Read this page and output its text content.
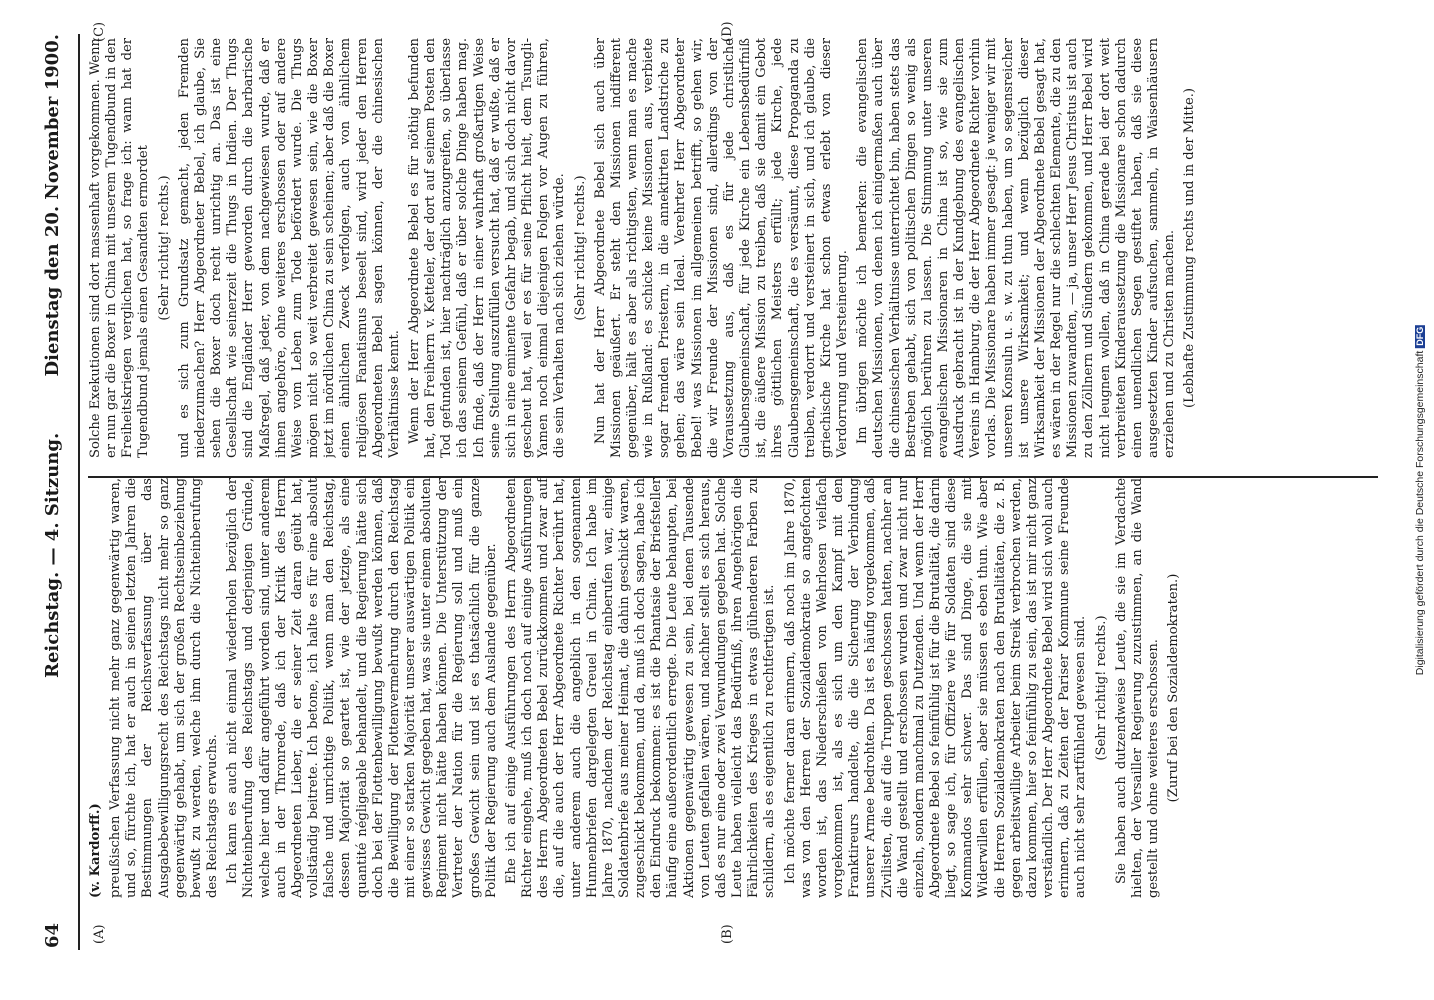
64
Reichstag. — 4. Sitzung.
Dienstag den 20. November 1900.
(A)	(B)
(C)	(D)

(v. Kardorff.) preußischen Verfassung nicht mehr ganz gegenwärtig waren, und so, fürchte ich, hat er auch in seinen letzten Jahren die Bestimmungen der Reichsverfassung über das Ausgabebewilligungsrecht des Reichstags nicht mehr so ganz gegenwärtig gehabt, um sich der großen Rechtseinbeziehung bewußt zu werden, welche ihm durch die Nichteinberufung des Reichstags erwuchs. Ich kann es auch nicht einmal wiederholen bezüglich der Nichteinberufung des Reichstags und derjenigen Gründe, welche hier und dafür angeführt worden sind, unter anderem auch in der Thronrede, daß ich der Kritik des Herrn Abgeordneten Lieber, die er seiner Zeit daran geübt hat, vollständig beitrete. Ich betone, ich halte es für eine absolut falsche und unrichtige Politik, wenn man den Reichstag, dessen Majorität so geartet ist, wie der jetzige, als eine quantité négligeable behandelt, und die Regierung hätte sich doch bei der Flottenbewilligung bewußt werden können, daß die Bewilligung der Flottenvermehrung durch den Reichstag mit einer so starken Majorität unserer auswärtigen Politik ein gewisses Gewicht gegeben hat, was sie unter einem absoluten Regiment nicht hätte haben können. Die Unterstützung der Vertreter der Nation für die Regierung soll und muß ein großes Gewicht sein und ist es thatsächlich für die ganze Politik der Regierung auch dem Auslande gegenüber. Ehe ich auf einige Ausführungen des Herrn Abgeordneten Richter eingehe, muß ich doch noch auf einige Ausführungen des Herrn Abgeordneten Bebel zurückkommen und zwar auf die, auf die auch der Herr Abgeordnete Richter berührt hat, unter anderem auch die angeblich in den sogenannten Hunnenbriefen dargelegten Greuel in China. Ich habe im Jahre 1870, nachdem der Reichstag einberufen war, einige Soldatenbriefe aus meiner Heimat, die dahin geschickt waren, zugeschickt bekommen, und da, muß ich doch sagen, habe ich den Eindruck bekommen: es ist die Phantasie der Briefsteller häufig eine außerordentlich erregte. Die Leute behaupten, bei Aktionen gegenwärtig gewesen zu sein, bei denen Tausende von Leuten gefallen wären, und nachher stellt es sich heraus, daß es nur eine oder zwei Verwundungen gegeben hat. Solche Leute haben vielleicht das Bedürfniß, ihren Angehörigen die Fährlichkeiten des Krieges in etwas glühenderen Farben zu schildern, als es eigentlich zu rechtfertigen ist. Ich möchte ferner daran erinnern, daß noch im Jahre 1870, was von den Herren der Sozialdemokratie so angefochten worden ist, das Niederschießen von Wehrlosen vielfach vorgekommen ist, als es sich um den Kampf mit den Franktireurs handelte, die die Sicherung der Verbindung unserer Armee bedrohten. Da ist es häufig vorgekommen, daß Zivilisten, die auf die Truppen geschossen hatten, nachher an die Wand gestellt und erschossen wurden und zwar nicht nur einzeln, sondern manchmal zu Dutzenden. Und wenn der Herr Abgeordnete Bebel so feinfühlig ist für die Brutalität, die darin liegt, so sage ich, für Offiziere wie für Soldaten sind diese Kommandos sehr schwer. Das sind Dinge, die sie mit Widerwillen erfüllen, aber sie müssen es eben thun. Wie aber die Herren Sozialdemokraten nach den Brutalitäten, die z. B. gegen arbeitswillige Arbeiter beim Streik verbrochen werden, dazu kommen, hier so feinfühlig zu sein, das ist mir nicht ganz verständlich. Der Herr Abgeordnete Bebel wird sich wohl auch erinnern, daß zu Zeiten der Pariser Kommune seine Freunde auch nicht sehr zartfühlend gewesen sind. (Sehr richtig! rechts.) Sie haben auch dutzendweise Leute, die sie im Verdachte hielten, der Versailler Regierung zuzustimmen, an die Wand gestellt und ohne weiteres erschossen. (Zuruf bei den Sozialdemokraten.)

Solche Exekutionen sind dort massenhaft vorgekommen. Wenn er nun gar die Boxer in China mit unserem Tugendbund in den Freiheitskriegen verglichen hat, so frage ich: wann hat der Tugendbund jemals einen Gesandten ermordet (Sehr richtig! rechts.) und es sich zum Grundsatz gemacht, jeden Fremden niederzumachen? Herr Abgeordneter Bebel, ich glaube, Sie sehen die Boxer doch recht unrichtig an. Das ist eine Gesellschaft wie seinerzeit die Thugs in Indien. Der Thugs sind die Engländer Herr geworden durch die barbarische Maßregel, daß jeder, von dem nachgewiesen wurde, daß er ihnen angehöre, ohne weiteres erschossen oder auf andere Weise vom Leben zum Tode befördert wurde. Die Thugs mögen nicht so weit verbreitet gewesen sein, wie die Boxer jetzt im nördlichen China zu sein scheinen; aber daß die Boxer einen ähnlichen Zweck verfolgen, auch von ähnlichem religiösen Fanatismus beseelt sind, wird jeder den Herren Abgeordneten Bebel sagen können, der die chinesischen Verhältnisse kennt. Wenn der Herr Abgeordnete Bebel es für nöthig befunden hat, den Freiherrn v. Ketteler, der dort auf seinem Posten den Tod gefunden ist, hier nachträglich anzugreifen, so überlasse ich das seinem Gefühl, daß er über solche Dinge haben mag. Ich finde, daß der Herr in einer wahrhaft großartigen Weise seine Stellung auszufüllen versucht hat, daß er wußte, daß er sich in eine eminente Gefahr begab, und sich doch nicht davor gescheut hat, weil er es für seine Pflicht hielt, dem Tsungli-Yamen noch einmal diejenigen Folgen vor Augen zu führen, die sein Verhalten nach sich ziehen würde. (Sehr richtig! rechts.) Nun hat der Herr Abgeordnete Bebel sich auch über Missionen geäußert. Er steht den Missionen indifferent gegenüber, hält es aber als richtigsten, wenn man es mache wie in Rußland: es schicke keine Missionen aus, verbiete sogar fremden Priestern, in die annektirten Landstriche zu gehen; das wäre sein Ideal. Verehrter Herr Abgeordneter Bebel! was Missionen im allgemeinen betrifft, so gehen wir, die wir Freunde der Missionen sind, allerdings von der Voraussetzung aus, daß es für jede christliche Glaubensgemeinschaft, für jede Kirche ein Lebensbedürfniß ist, die äußere Mission zu treiben, daß sie damit ein Gebot ihres göttlichen Meisters erfüllt; jede Kirche, jede Glaubensgemeinschaft, die es versäumt, diese Propaganda zu treiben, verdorrt und versteinert in sich, und ich glaube, die griechische Kirche hat schon etwas erlebt von dieser Verdorrung und Versteinerung. Im übrigen möchte ich bemerken: die evangelischen deutschen Missionen, von denen ich einigermaßen auch über die chinesischen Verhältnisse unterrichtet bin, haben stets das Bestreben gehabt, sich von politischen Dingen so wenig als möglich berühren zu lassen. Die Stimmung unter unseren evangelischen Missionaren in China ist so, wie sie zum Ausdruck gebracht ist in der Kundgebung des evangelischen Vereins in Hamburg, die der Herr Abgeordnete Richter vorhin vorlas. Die Missionare haben immer gesagt: je weniger wir mit unseren Konsuln u. s. w. zu thun haben, um so segensreicher ist unsere Wirksamkeit; und wenn bezüglich dieser Wirksamkeit der Missionen der Abgeordnete Bebel gesagt hat, es wären in der Regel nur die schlechten Elemente, die zu den Missionen zuwandten, — ja, unser Herr Jesus Christus ist auch zu den Zöllnern und Sündern gekommen, und Herr Bebel wird nicht leugnen wollen, daß in China gerade bei der dort weit verbreiteten Kinderaussetzung die Missionare schon dadurch einen unendlichen Segen gestiftet haben, daß sie diese ausgesetzten Kinder aufsuchen, sammeln, in Waisenhäusern erziehen und zu Christen machen. (Lebhafte Zustimmung rechts und in der Mitte.)

Digitalisierung gefördert durch die Deutsche Forschungsgemeinschaft DFG
